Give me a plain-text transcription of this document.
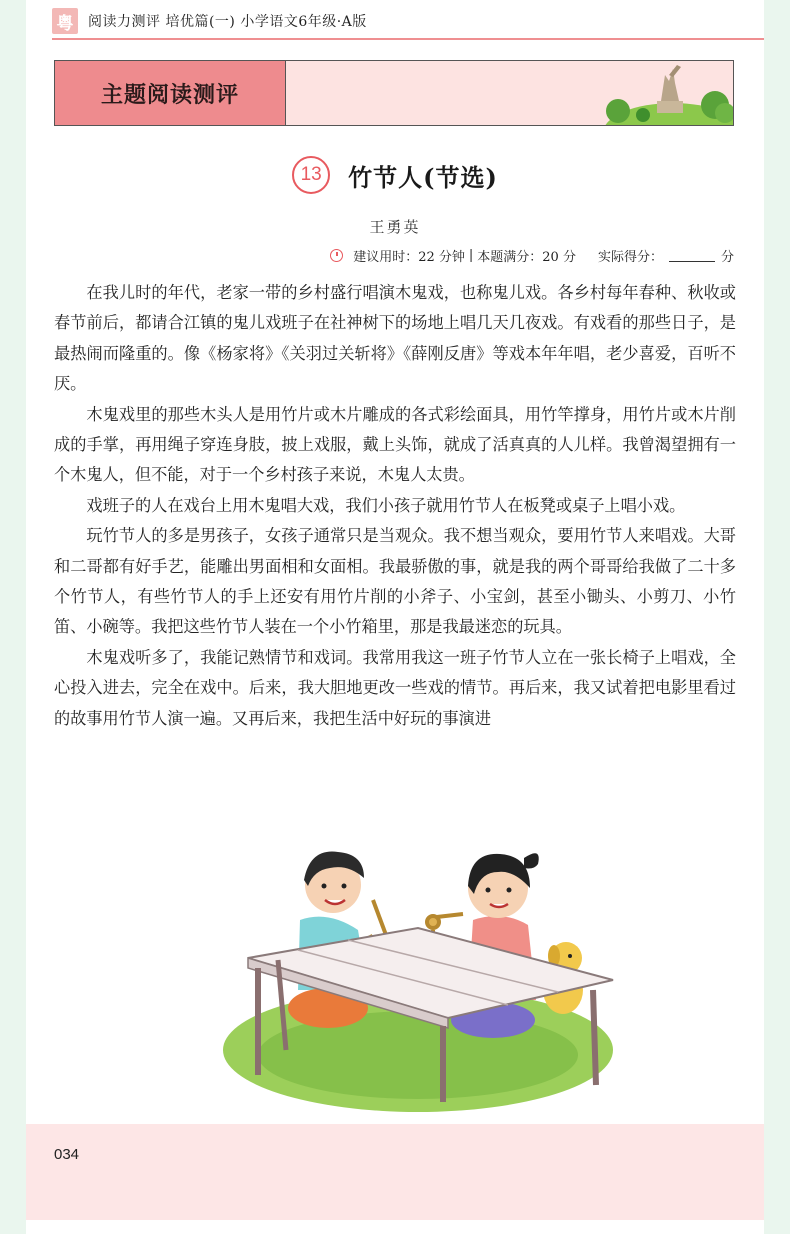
粤	阅读力测评 培优篇(一) 小学语文6年级·A版
主题阅读测评
13	竹节人(节选)
王勇英
建议用时：22 分钟 | 本题满分：20 分 实际得分：	分

在我儿时的年代，老家一带的乡村盛行唱演木鬼戏，也称鬼儿戏。各乡村每年春种、秋收或春节前后，都请合江镇的鬼儿戏班子在社神树下的场地上唱几天几夜戏。有戏看的那些日子，是最热闹而隆重的。像《杨家将》《关羽过关斩将》《薛刚反唐》等戏本年年唱，老少喜爱，百听不厌。

木鬼戏里的那些木头人是用竹片或木片雕成的各式彩绘面具，用竹竿撑身，用竹片或木片削成的手掌，再用绳子穿连身肢，披上戏服，戴上头饰，就成了活真真的人儿样。我曾渴望拥有一个木鬼人，但不能，对于一个乡村孩子来说，木鬼人太贵。

戏班子的人在戏台上用木鬼唱大戏，我们小孩子就用竹节人在板凳或桌子上唱小戏。

玩竹节人的多是男孩子，女孩子通常只是当观众。我不想当观众，要用竹节人来唱戏。大哥和二哥都有好手艺，能雕出男面相和女面相。我最骄傲的事，就是我的两个哥哥给我做了二十多个竹节人，有些竹节人的手上还安有用竹片削的小斧子、小宝剑，甚至小锄头、小剪刀、小竹笛、小碗等。我把这些竹节人装在一个小竹箱里，那是我最迷恋的玩具。

木鬼戏听多了，我能记熟情节和戏词。我常用我这一班子竹节人立在一张长椅子上唱戏，全心投入进去，完全在戏中。后来，我大胆地更改一些戏的情节。再后来，我又试着把电影里看过的故事用竹节人演一遍。又再后来，我把生活中好玩的事演进

034
